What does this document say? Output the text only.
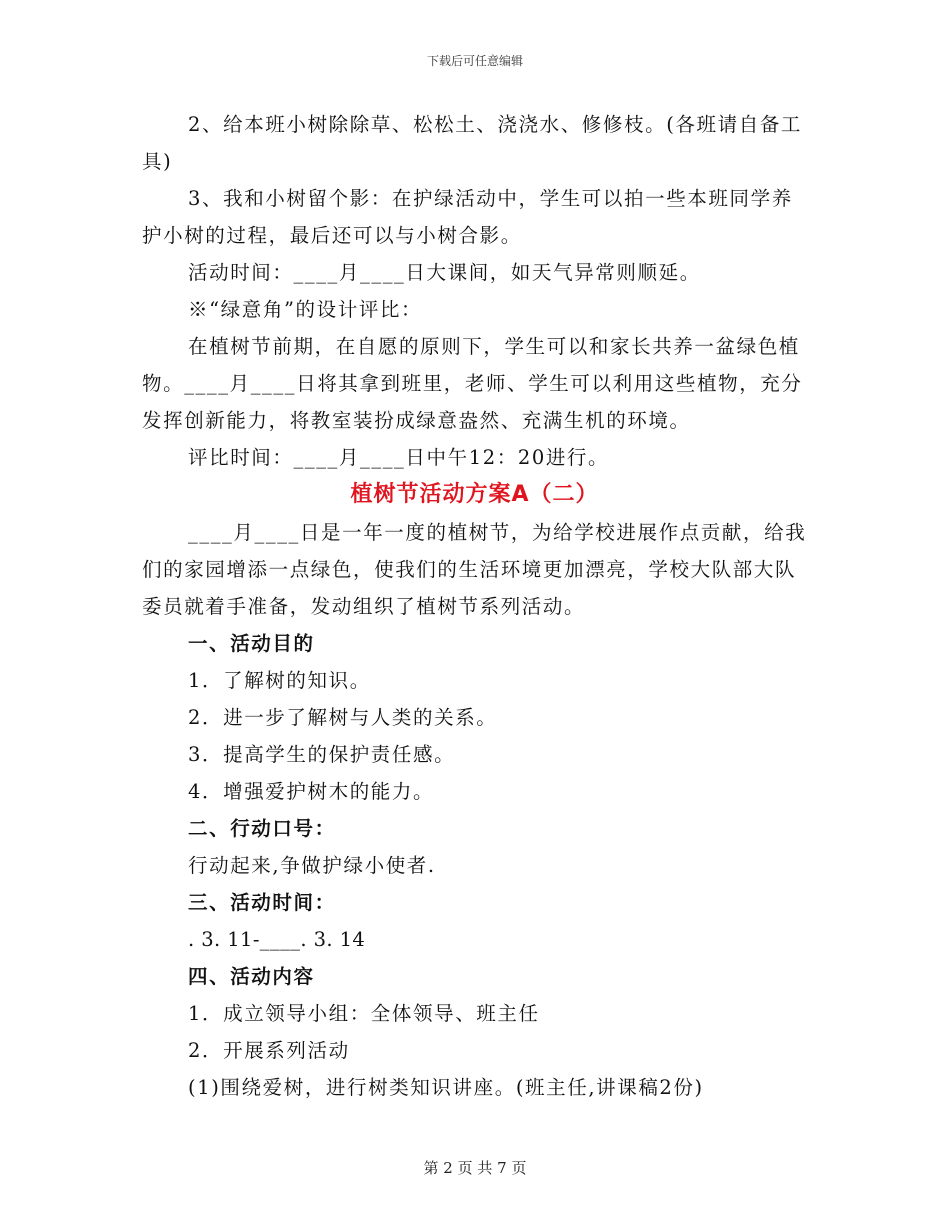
下载后可任意编辑

2、给本班小树除除草、松松土、浇浇水、修修枝。(各班请自备工具)

3、我和小树留个影：在护绿活动中，学生可以拍一些本班同学养护小树的过程，最后还可以与小树合影。

活动时间：____月____日大课间，如天气异常则顺延。

※“绿意角”的设计评比：

在植树节前期，在自愿的原则下，学生可以和家长共养一盆绿色植物。____月____日将其拿到班里，老师、学生可以利用这些植物，充分发挥创新能力，将教室装扮成绿意盎然、充满生机的环境。

评比时间：____月____日中午12：20进行。

植树节活动方案A（二）

____月____日是一年一度的植树节，为给学校进展作点贡献，给我们的家园增添一点绿色，使我们的生活环境更加漂亮，学校大队部大队委员就着手准备，发动组织了植树节系列活动。

一、活动目的

1．了解树的知识。

2．进一步了解树与人类的关系。

3．提高学生的保护责任感。

4．增强爱护树木的能力。

二、行动口号：

行动起来,争做护绿小使者.

三、活动时间：

. 3. 11-____. 3. 14

四、活动内容

1．成立领导小组：全体领导、班主任

2．开展系列活动

(1)围绕爱树，进行树类知识讲座。(班主任,讲课稿2份)

第 2 页 共 7 页
